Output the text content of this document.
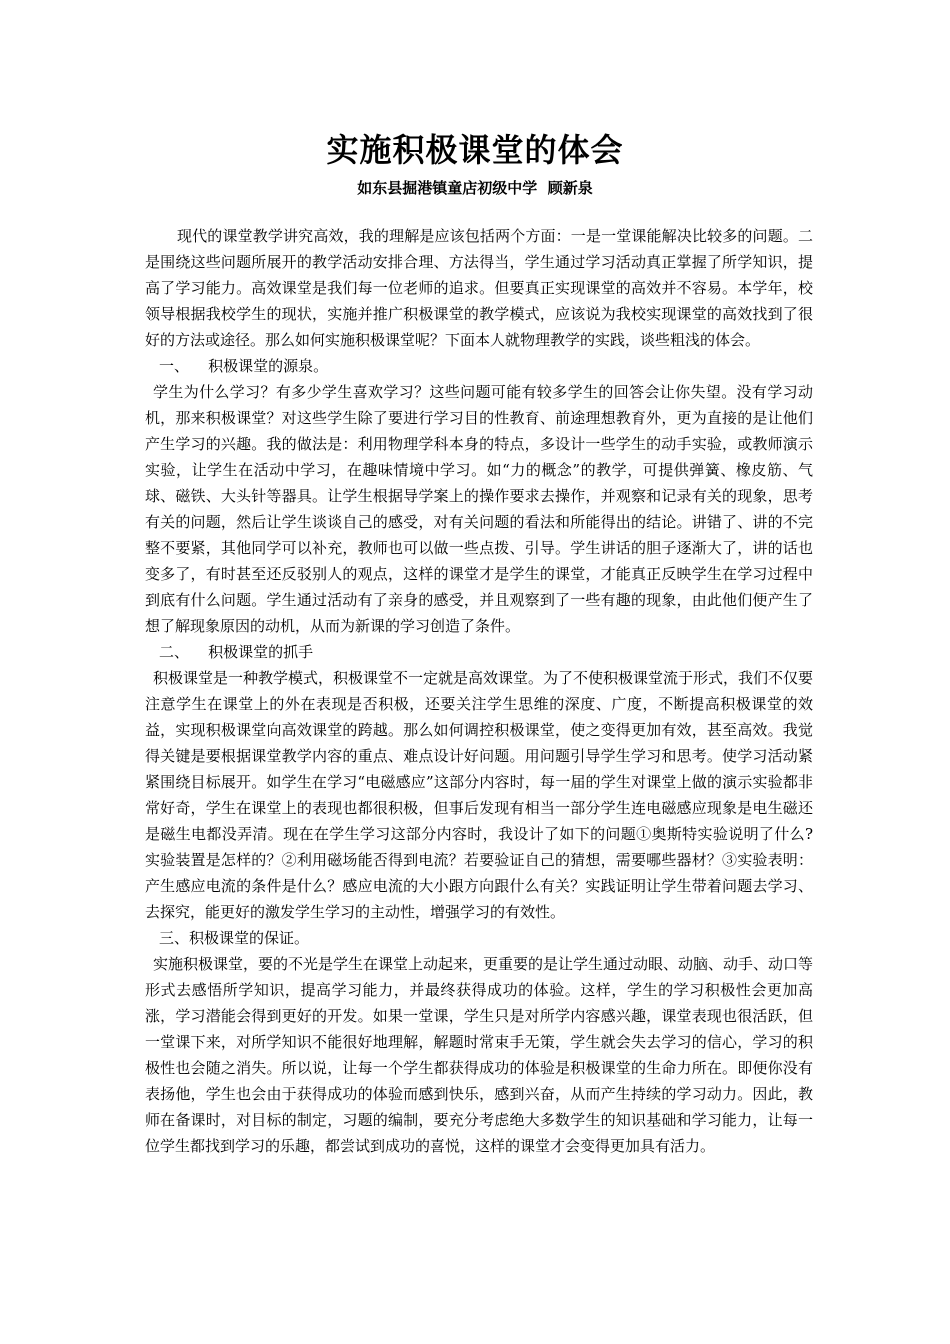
实施积极课堂的体会
如东县掘港镇童店初级中学  顾新泉

现代的课堂教学讲究高效，我的理解是应该包括两个方面：一是一堂课能解决比较多的问题。二是围绕这些问题所展开的教学活动安排合理、方法得当，学生通过学习活动真正掌握了所学知识，提高了学习能力。高效课堂是我们每一位老师的追求。但要真正实现课堂的高效并不容易。本学年，校领导根据我校学生的现状，实施并推广积极课堂的教学模式，应该说为我校实现课堂的高效找到了很好的方法或途径。那么如何实施积极课堂呢？下面本人就物理教学的实践，谈些粗浅的体会。

一、    积极课堂的源泉。

学生为什么学习？有多少学生喜欢学习？这些问题可能有较多学生的回答会让你失望。没有学习动机，那来积极课堂？对这些学生除了要进行学习目的性教育、前途理想教育外，更为直接的是让他们产生学习的兴趣。我的做法是：利用物理学科本身的特点，多设计一些学生的动手实验，或教师演示实验，让学生在活动中学习，在趣味情境中学习。如“力的概念”的教学，可提供弹簧、橡皮筋、气球、磁铁、大头针等器具。让学生根据导学案上的操作要求去操作，并观察和记录有关的现象，思考有关的问题，然后让学生谈谈自己的感受，对有关问题的看法和所能得出的结论。讲错了、讲的不完整不要紧，其他同学可以补充，教师也可以做一些点拨、引导。学生讲话的胆子逐渐大了，讲的话也变多了，有时甚至还反驳别人的观点，这样的课堂才是学生的课堂，才能真正反映学生在学习过程中到底有什么问题。学生通过活动有了亲身的感受，并且观察到了一些有趣的现象，由此他们便产生了想了解现象原因的动机，从而为新课的学习创造了条件。

二、    积极课堂的抓手

积极课堂是一种教学模式，积极课堂不一定就是高效课堂。为了不使积极课堂流于形式，我们不仅要注意学生在课堂上的外在表现是否积极，还要关注学生思维的深度、广度，不断提高积极课堂的效益，实现积极课堂向高效课堂的跨越。那么如何调控积极课堂，使之变得更加有效，甚至高效。我觉得关键是要根据课堂教学内容的重点、难点设计好问题。用问题引导学生学习和思考。使学习活动紧紧围绕目标展开。如学生在学习“电磁感应”这部分内容时，每一届的学生对课堂上做的演示实验都非常好奇，学生在课堂上的表现也都很积极，但事后发现有相当一部分学生连电磁感应现象是电生磁还是磁生电都没弄清。现在在学生学习这部分内容时，我设计了如下的问题①奥斯特实验说明了什么?实验装置是怎样的？②利用磁场能否得到电流？若要验证自己的猜想，需要哪些器材？③实验表明：产生感应电流的条件是什么？感应电流的大小跟方向跟什么有关？实践证明让学生带着问题去学习、去探究，能更好的激发学生学习的主动性，增强学习的有效性。

三、积极课堂的保证。

实施积极课堂，要的不光是学生在课堂上动起来，更重要的是让学生通过动眼、动脑、动手、动口等形式去感悟所学知识，提高学习能力，并最终获得成功的体验。这样，学生的学习积极性会更加高涨，学习潜能会得到更好的开发。如果一堂课，学生只是对所学内容感兴趣，课堂表现也很活跃，但一堂课下来，对所学知识不能很好地理解，解题时常束手无策，学生就会失去学习的信心，学习的积极性也会随之消失。所以说，让每一个学生都获得成功的体验是积极课堂的生命力所在。即便你没有表扬他，学生也会由于获得成功的体验而感到快乐，感到兴奋，从而产生持续的学习动力。因此，教师在备课时，对目标的制定，习题的编制，要充分考虑绝大多数学生的知识基础和学习能力，让每一位学生都找到学习的乐趣，都尝试到成功的喜悦，这样的课堂才会变得更加具有活力。
